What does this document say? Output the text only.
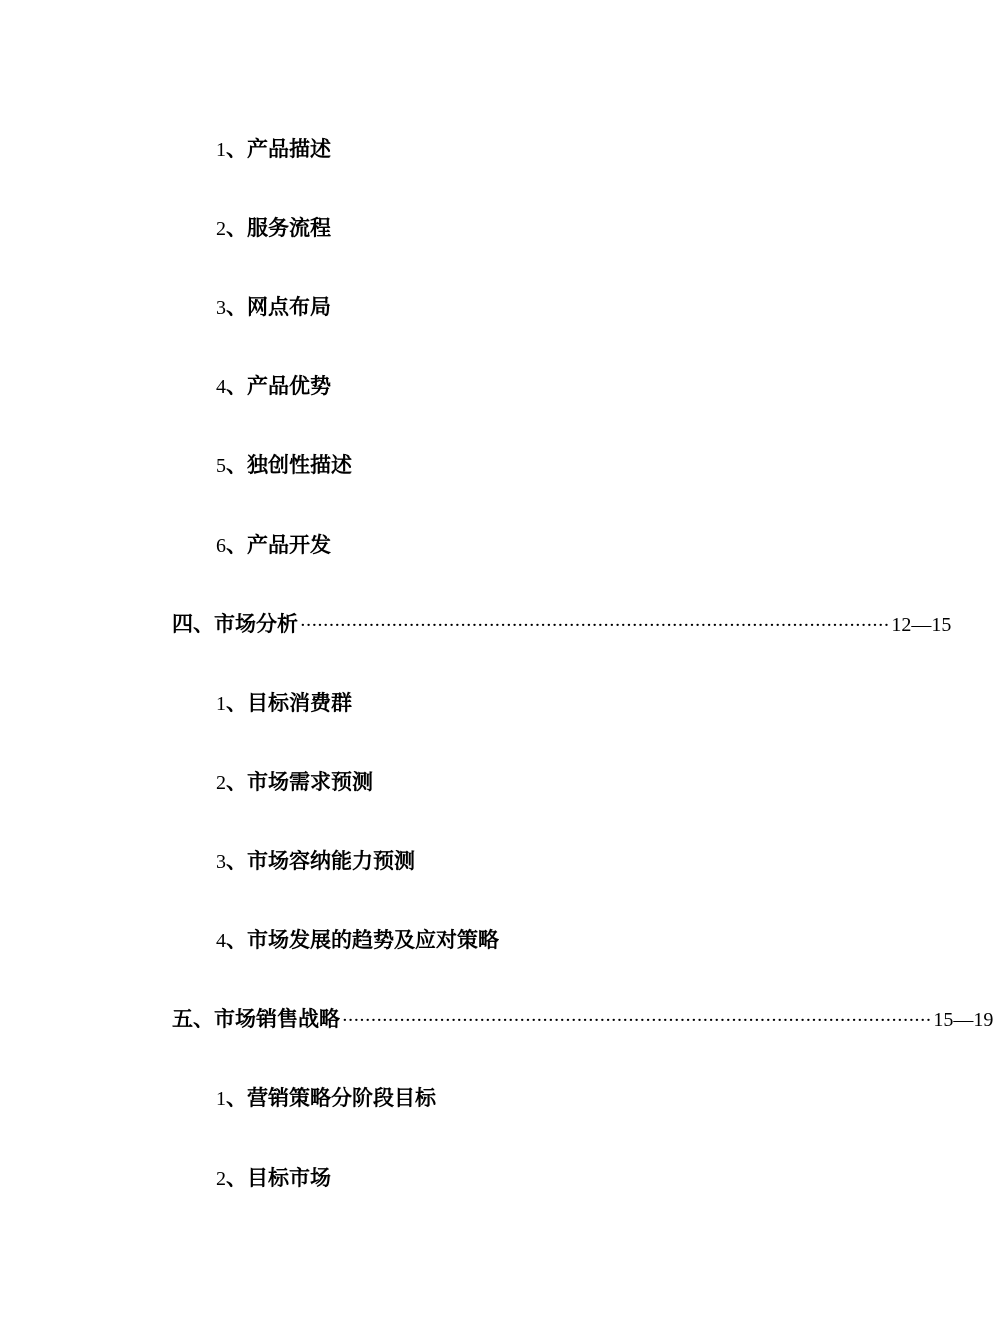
1、产品描述
2、服务流程
3、网点布局
4、产品优势
5、独创性描述
6、产品开发
四、市场分析 ······································································································· 12—15
1、目标消费群
2、市场需求预测
3、市场容纳能力预测
4、市场发展的趋势及应对策略
五、市场销售战略 ······································································································· 15—19
1、营销策略分阶段目标
2、目标市场
